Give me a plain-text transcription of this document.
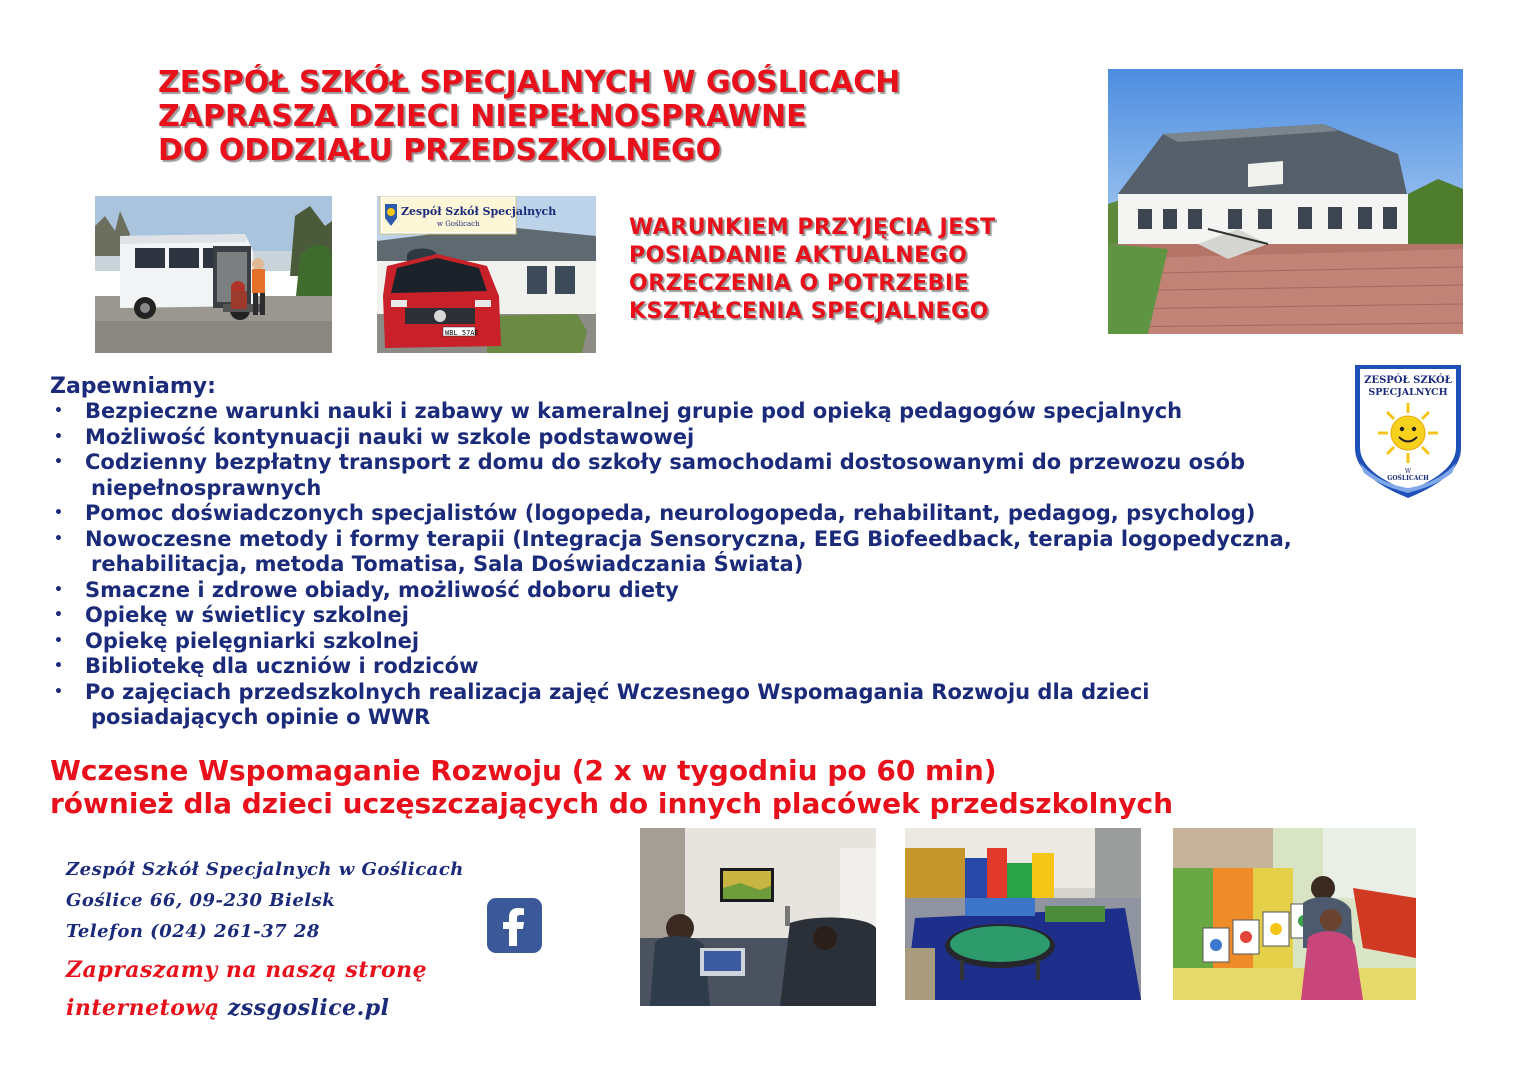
ZESPÓŁ SZKÓŁ SPECJALNYCH W GOŚLICACH
ZAPRASZA DZIECI NIEPEŁNOSPRAWNE
DO ODDZIAŁU PRZEDSZKOLNEGO
Zespół Szkół Specjalnych
w Goślicach
WBL 57AE
WARUNKIEM PRZYJĘCIA JEST
POSIADANIE AKTUALNEGO
ORZECZENIA O POTRZEBIE
KSZTAŁCENIA SPECJALNEGO
ZESPÓŁ SZKÓŁ
SPECJALNYCH
W
GOŚLICACH
Zapewniamy:
• Bezpieczne warunki nauki i zabawy w kameralnej grupie pod opieką pedagogów specjalnych
• Możliwość kontynuacji nauki w szkole podstawowej
• Codzienny bezpłatny transport z domu do szkoły samochodami dostosowanymi do przewozu osób
niepełnosprawnych
• Pomoc doświadczonych specjalistów (logopeda, neurologopeda, rehabilitant, pedagog, psycholog)
• Nowoczesne metody i formy terapii (Integracja Sensoryczna, EEG Biofeedback, terapia logopedyczna,
rehabilitacja, metoda Tomatisa, Sala Doświadczania Świata)
• Smaczne i zdrowe obiady, możliwość doboru diety
• Opiekę w świetlicy szkolnej
• Opiekę pielęgniarki szkolnej
• Bibliotekę dla uczniów i rodziców
• Po zajęciach przedszkolnych realizacja zajęć Wczesnego Wspomagania Rozwoju dla dzieci
posiadających opinie o WWR
Wczesne Wspomaganie Rozwoju (2 x w tygodniu po 60 min)
również dla dzieci uczęszczających do innych placówek przedszkolnych
Zespół Szkół Specjalnych w Goślicach
Goślice 66, 09-230 Bielsk
Telefon (024) 261-37 28
Zapraszamy na naszą stronę
internetową zssgoslice.pl
